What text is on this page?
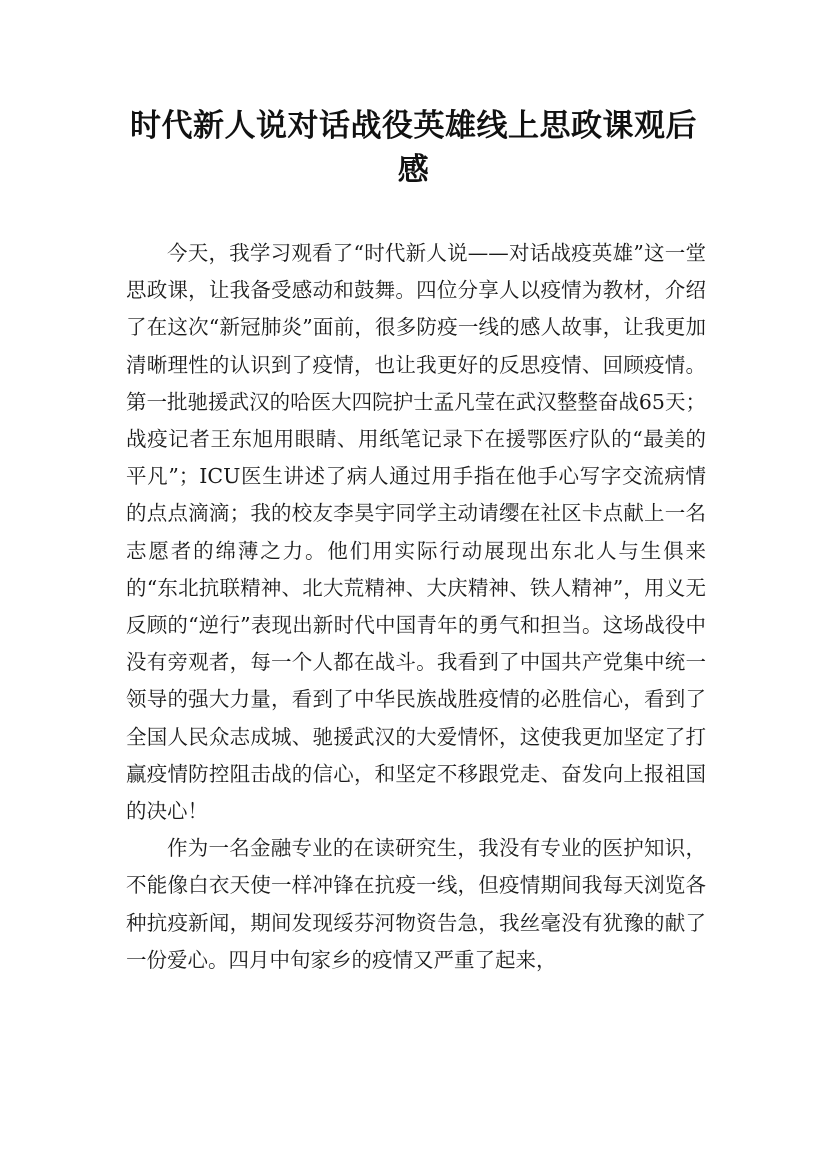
时代新人说对话战役英雄线上思政课观后感

今天，我学习观看了“时代新人说——对话战疫英雄”这一堂思政课，让我备受感动和鼓舞。四位分享人以疫情为教材，介绍了在这次“新冠肺炎”面前，很多防疫一线的感人故事，让我更加清晰理性的认识到了疫情，也让我更好的反思疫情、回顾疫情。第一批驰援武汉的哈医大四院护士孟凡莹在武汉整整奋战65天；战疫记者王东旭用眼睛、用纸笔记录下在援鄂医疗队的“最美的平凡”；ICU医生讲述了病人通过用手指在他手心写字交流病情的点点滴滴；我的校友李昊宇同学主动请缨在社区卡点献上一名志愿者的绵薄之力。他们用实际行动展现出东北人与生俱来的“东北抗联精神、北大荒精神、大庆精神、铁人精神”，用义无反顾的“逆行”表现出新时代中国青年的勇气和担当。这场战役中没有旁观者，每一个人都在战斗。我看到了中国共产党集中统一领导的强大力量，看到了中华民族战胜疫情的必胜信心，看到了全国人民众志成城、驰援武汉的大爱情怀，这使我更加坚定了打赢疫情防控阻击战的信心，和坚定不移跟党走、奋发向上报祖国的决心！

作为一名金融专业的在读研究生，我没有专业的医护知识，不能像白衣天使一样冲锋在抗疫一线，但疫情期间我每天浏览各种抗疫新闻，期间发现绥芬河物资告急，我丝毫没有犹豫的献了一份爱心。四月中旬家乡的疫情又严重了起来，
